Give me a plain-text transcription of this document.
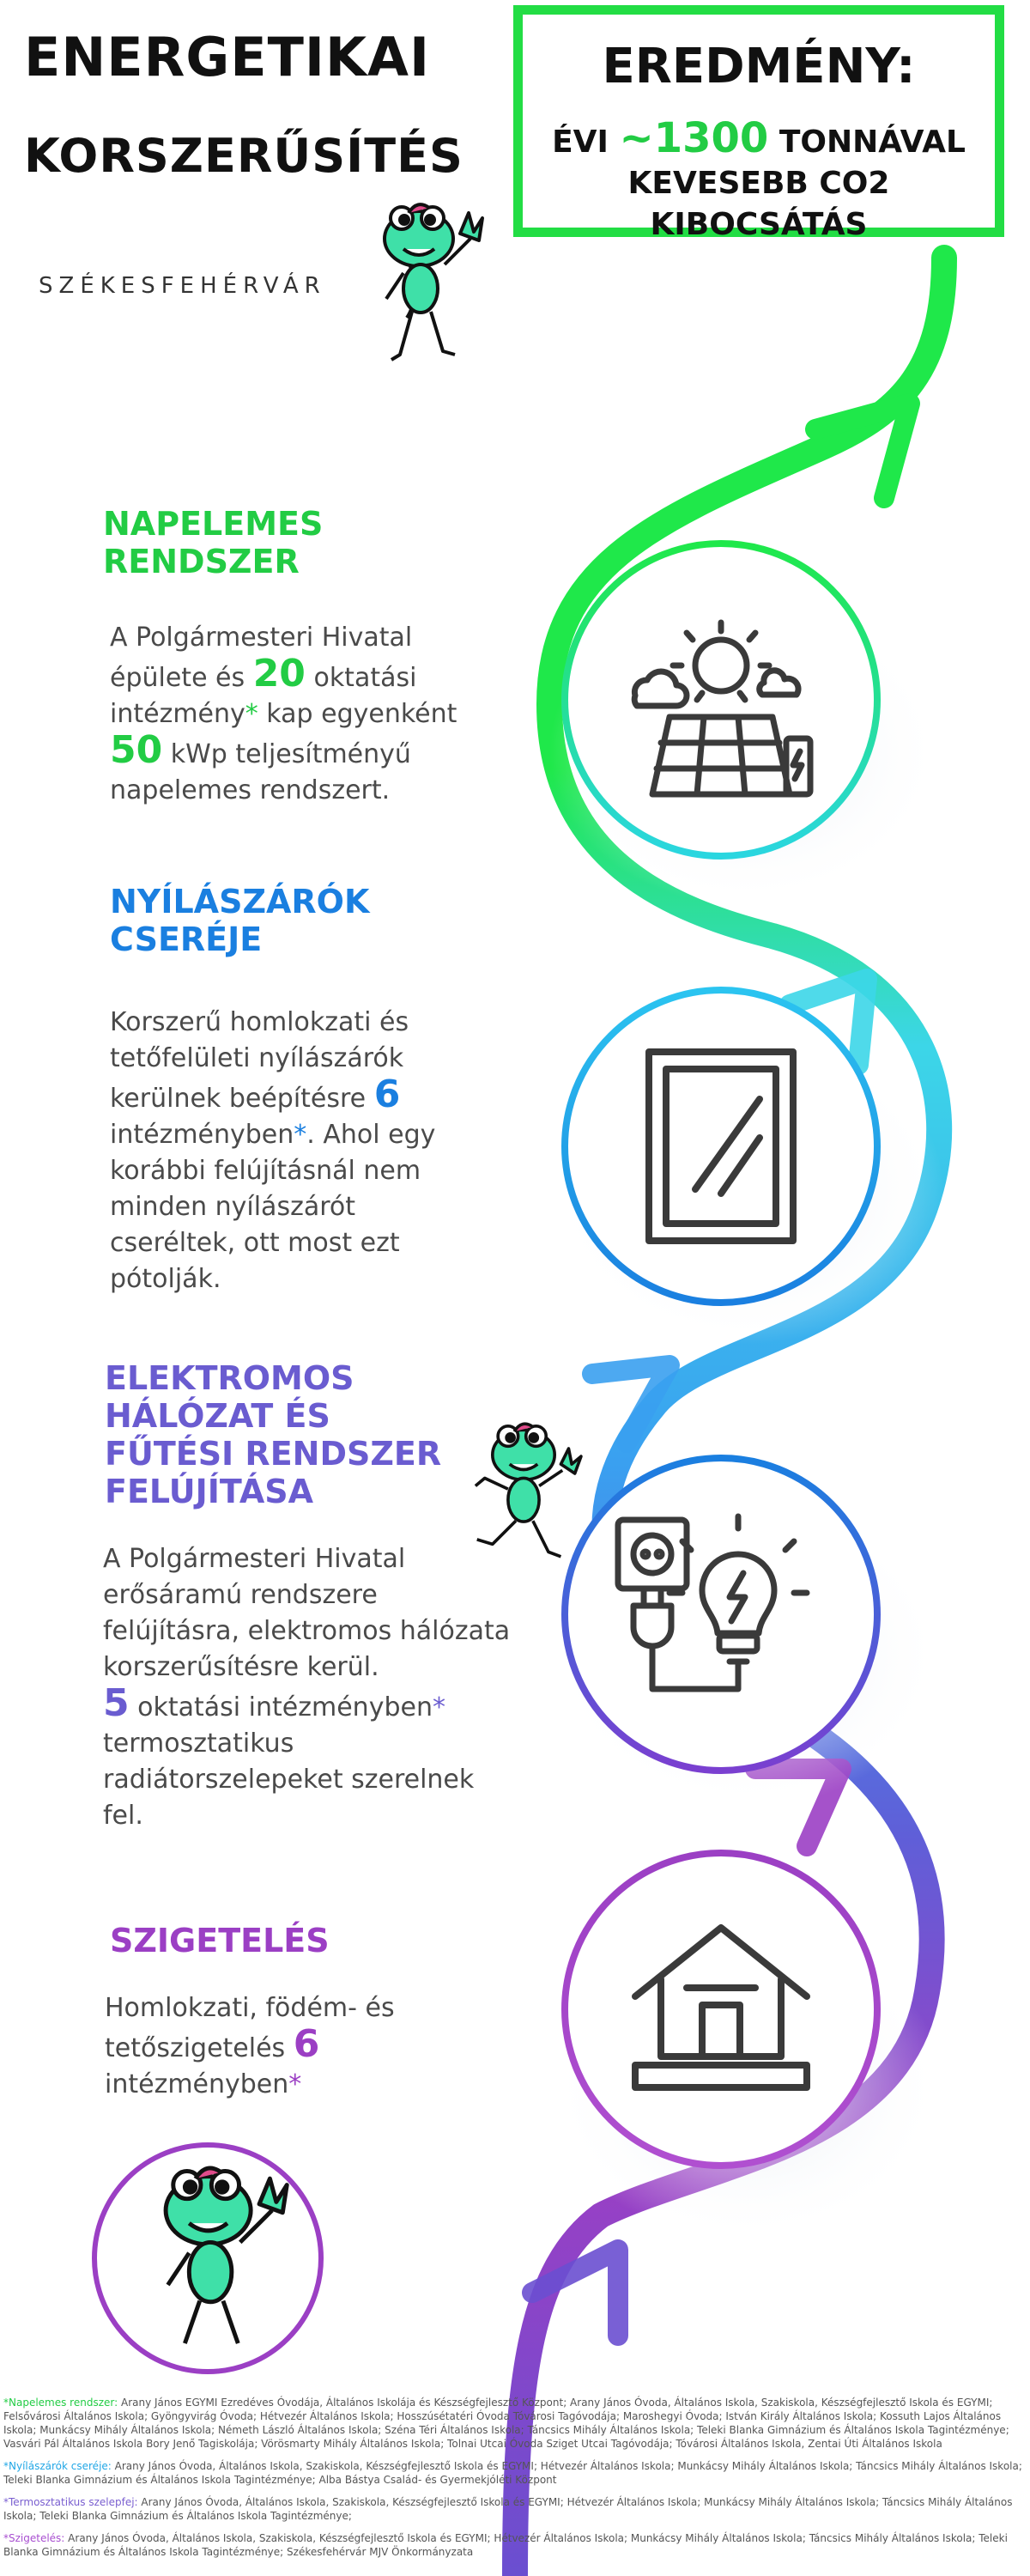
ENERGETIKAI
KORSZERŰSÍTÉS
SZÉKESFEHÉRVÁR
EREDMÉNY:
ÉVI ~1300 TONNÁVAL
KEVESEBB CO2
KIBOCSÁTÁS
NAPELEMES
RENDSZER
A Polgármesteri Hivatal
épülete és 20 oktatási
intézmény* kap egyenként
50 kWp teljesítményű
napelemes rendszert.
NYÍLÁSZÁRÓK
CSERÉJE
Korszerű homlokzati és
tetőfelületi nyílászárók
kerülnek beépítésre 6
intézményben*. Ahol egy
korábbi felújításnál nem
minden nyílászárót
cseréltek, ott most ezt
pótolják.
ELEKTROMOS
HÁLÓZAT ÉS
FŰTÉSI RENDSZER
FELÚJÍTÁSA
A Polgármesteri Hivatal
erősáramú rendszere
felújításra, elektromos hálózata
korszerűsítésre kerül.
5 oktatási intézményben*
termosztatikus
radiátorszelepeket szerelnek
fel.
SZIGETELÉS
Homlokzati, födém- és
tetőszigetelés 6
intézményben*

*Napelemes rendszer: Arany János EGYMI Ezredéves Óvodája, Általános Iskolája és Készségfejlesztő Központ; Arany János Óvoda, Általános Iskola, Szakiskola, Készségfejlesztő Iskola és EGYMI; Felsővárosi Általános Iskola; Gyöngyvirág Óvoda; Hétvezér Általános Iskola; Hosszúsétatéri Óvoda Tóvárosi Tagóvodája; Maroshegyi Óvoda; István Király Általános Iskola; Kossuth Lajos Általános Iskola; Munkácsy Mihály Általános Iskola; Németh László Általános Iskola; Széna Téri Általános Iskola; Táncsics Mihály Általános Iskola; Teleki Blanka Gimnázium és Általános Iskola Tagintézménye; Vasvári Pál Általános Iskola Bory Jenő Tagiskolája; Vörösmarty Mihály Általános Iskola; Tolnai Utcai Óvoda Sziget Utcai Tagóvodája; Tóvárosi Általános Iskola, Zentai Úti Általános Iskola

*Nyílászárók cseréje: Arany János Óvoda, Általános Iskola, Szakiskola, Készségfejlesztő Iskola és EGYMI; Hétvezér Általános Iskola; Munkácsy Mihály Általános Iskola; Táncsics Mihály Általános Iskola; Teleki Blanka Gimnázium és Általános Iskola Tagintézménye; Alba Bástya Család- és Gyermekjóléti Központ

*Termosztatikus szelepfej: Arany János Óvoda, Általános Iskola, Szakiskola, Készségfejlesztő Iskola és EGYMI; Hétvezér Általános Iskola; Munkácsy Mihály Általános Iskola; Táncsics Mihály Általános Iskola; Teleki Blanka Gimnázium és Általános Iskola Tagintézménye;

*Szigetelés: Arany János Óvoda, Általános Iskola, Szakiskola, Készségfejlesztő Iskola és EGYMI; Hétvezér Általános Iskola; Munkácsy Mihály Általános Iskola; Táncsics Mihály Általános Iskola; Teleki Blanka Gimnázium és Általános Iskola Tagintézménye; Székesfehérvár MJV Önkormányzata
